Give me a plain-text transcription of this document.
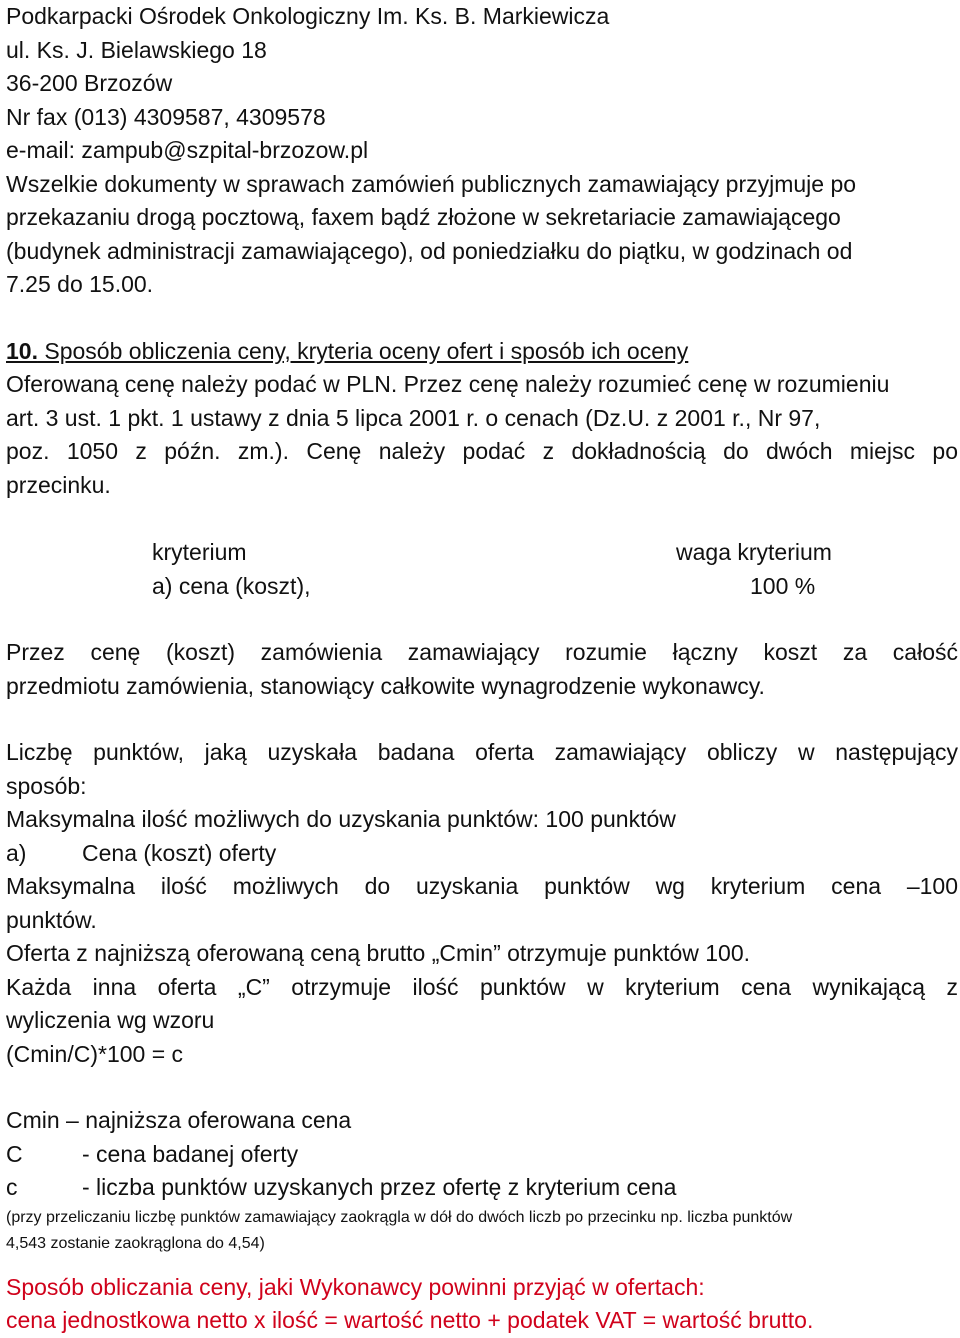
Podkarpacki Ośrodek Onkologiczny Im. Ks. B. Markiewicza
ul. Ks. J. Bielawskiego 18
36-200 Brzozów
Nr fax (013) 4309587, 4309578
e-mail: zampub@szpital-brzozow.pl
Wszelkie dokumenty w sprawach zamówień publicznych zamawiający przyjmuje po
przekazaniu drogą pocztową, faxem bądź złożone w sekretariacie zamawiającego
(budynek administracji zamawiającego), od poniedziałku do piątku, w godzinach od
7.25 do 15.00.
10. Sposób obliczenia ceny, kryteria oceny ofert i sposób ich oceny
Oferowaną cenę należy podać w PLN. Przez cenę należy rozumieć cenę w rozumieniu
art. 3 ust. 1 pkt. 1 ustawy z dnia 5 lipca 2001 r. o cenach (Dz.U. z 2001 r., Nr 97,
poz. 1050 z późn. zm.). Cenę należy podać z dokładnością do dwóch miejsc po
przecinku.
kryterium	waga kryterium
a) cena (koszt),	100 %
Przez cenę (koszt) zamówienia zamawiający rozumie łączny koszt za całość
przedmiotu zamówienia, stanowiący całkowite wynagrodzenie wykonawcy.
Liczbę punktów, jaką uzyskała badana oferta zamawiający obliczy w następujący
sposób:
Maksymalna ilość możliwych do uzyskania punktów: 100 punktów
a) Cena (koszt) oferty
Maksymalna ilość możliwych do uzyskania punktów wg kryterium cena –100
punktów.
Oferta z najniższą oferowaną ceną brutto „Cmin” otrzymuje punktów 100.
Każda inna oferta „C” otrzymuje ilość punktów w kryterium cena wynikającą z
wyliczenia wg wzoru
(Cmin/C)*100 = c
Cmin – najniższa oferowana cena
C	- cena badanej oferty
c	- liczba punktów uzyskanych przez ofertę z kryterium cena
(przy przeliczaniu liczbę punktów zamawiający zaokrągla w dół do dwóch liczb po przecinku np. liczba punktów
4,543 zostanie zaokrąglona do 4,54)
Sposób obliczania ceny, jaki Wykonawcy powinni przyjąć w ofertach:
cena jednostkowa netto x ilość = wartość netto + podatek VAT = wartość brutto.
